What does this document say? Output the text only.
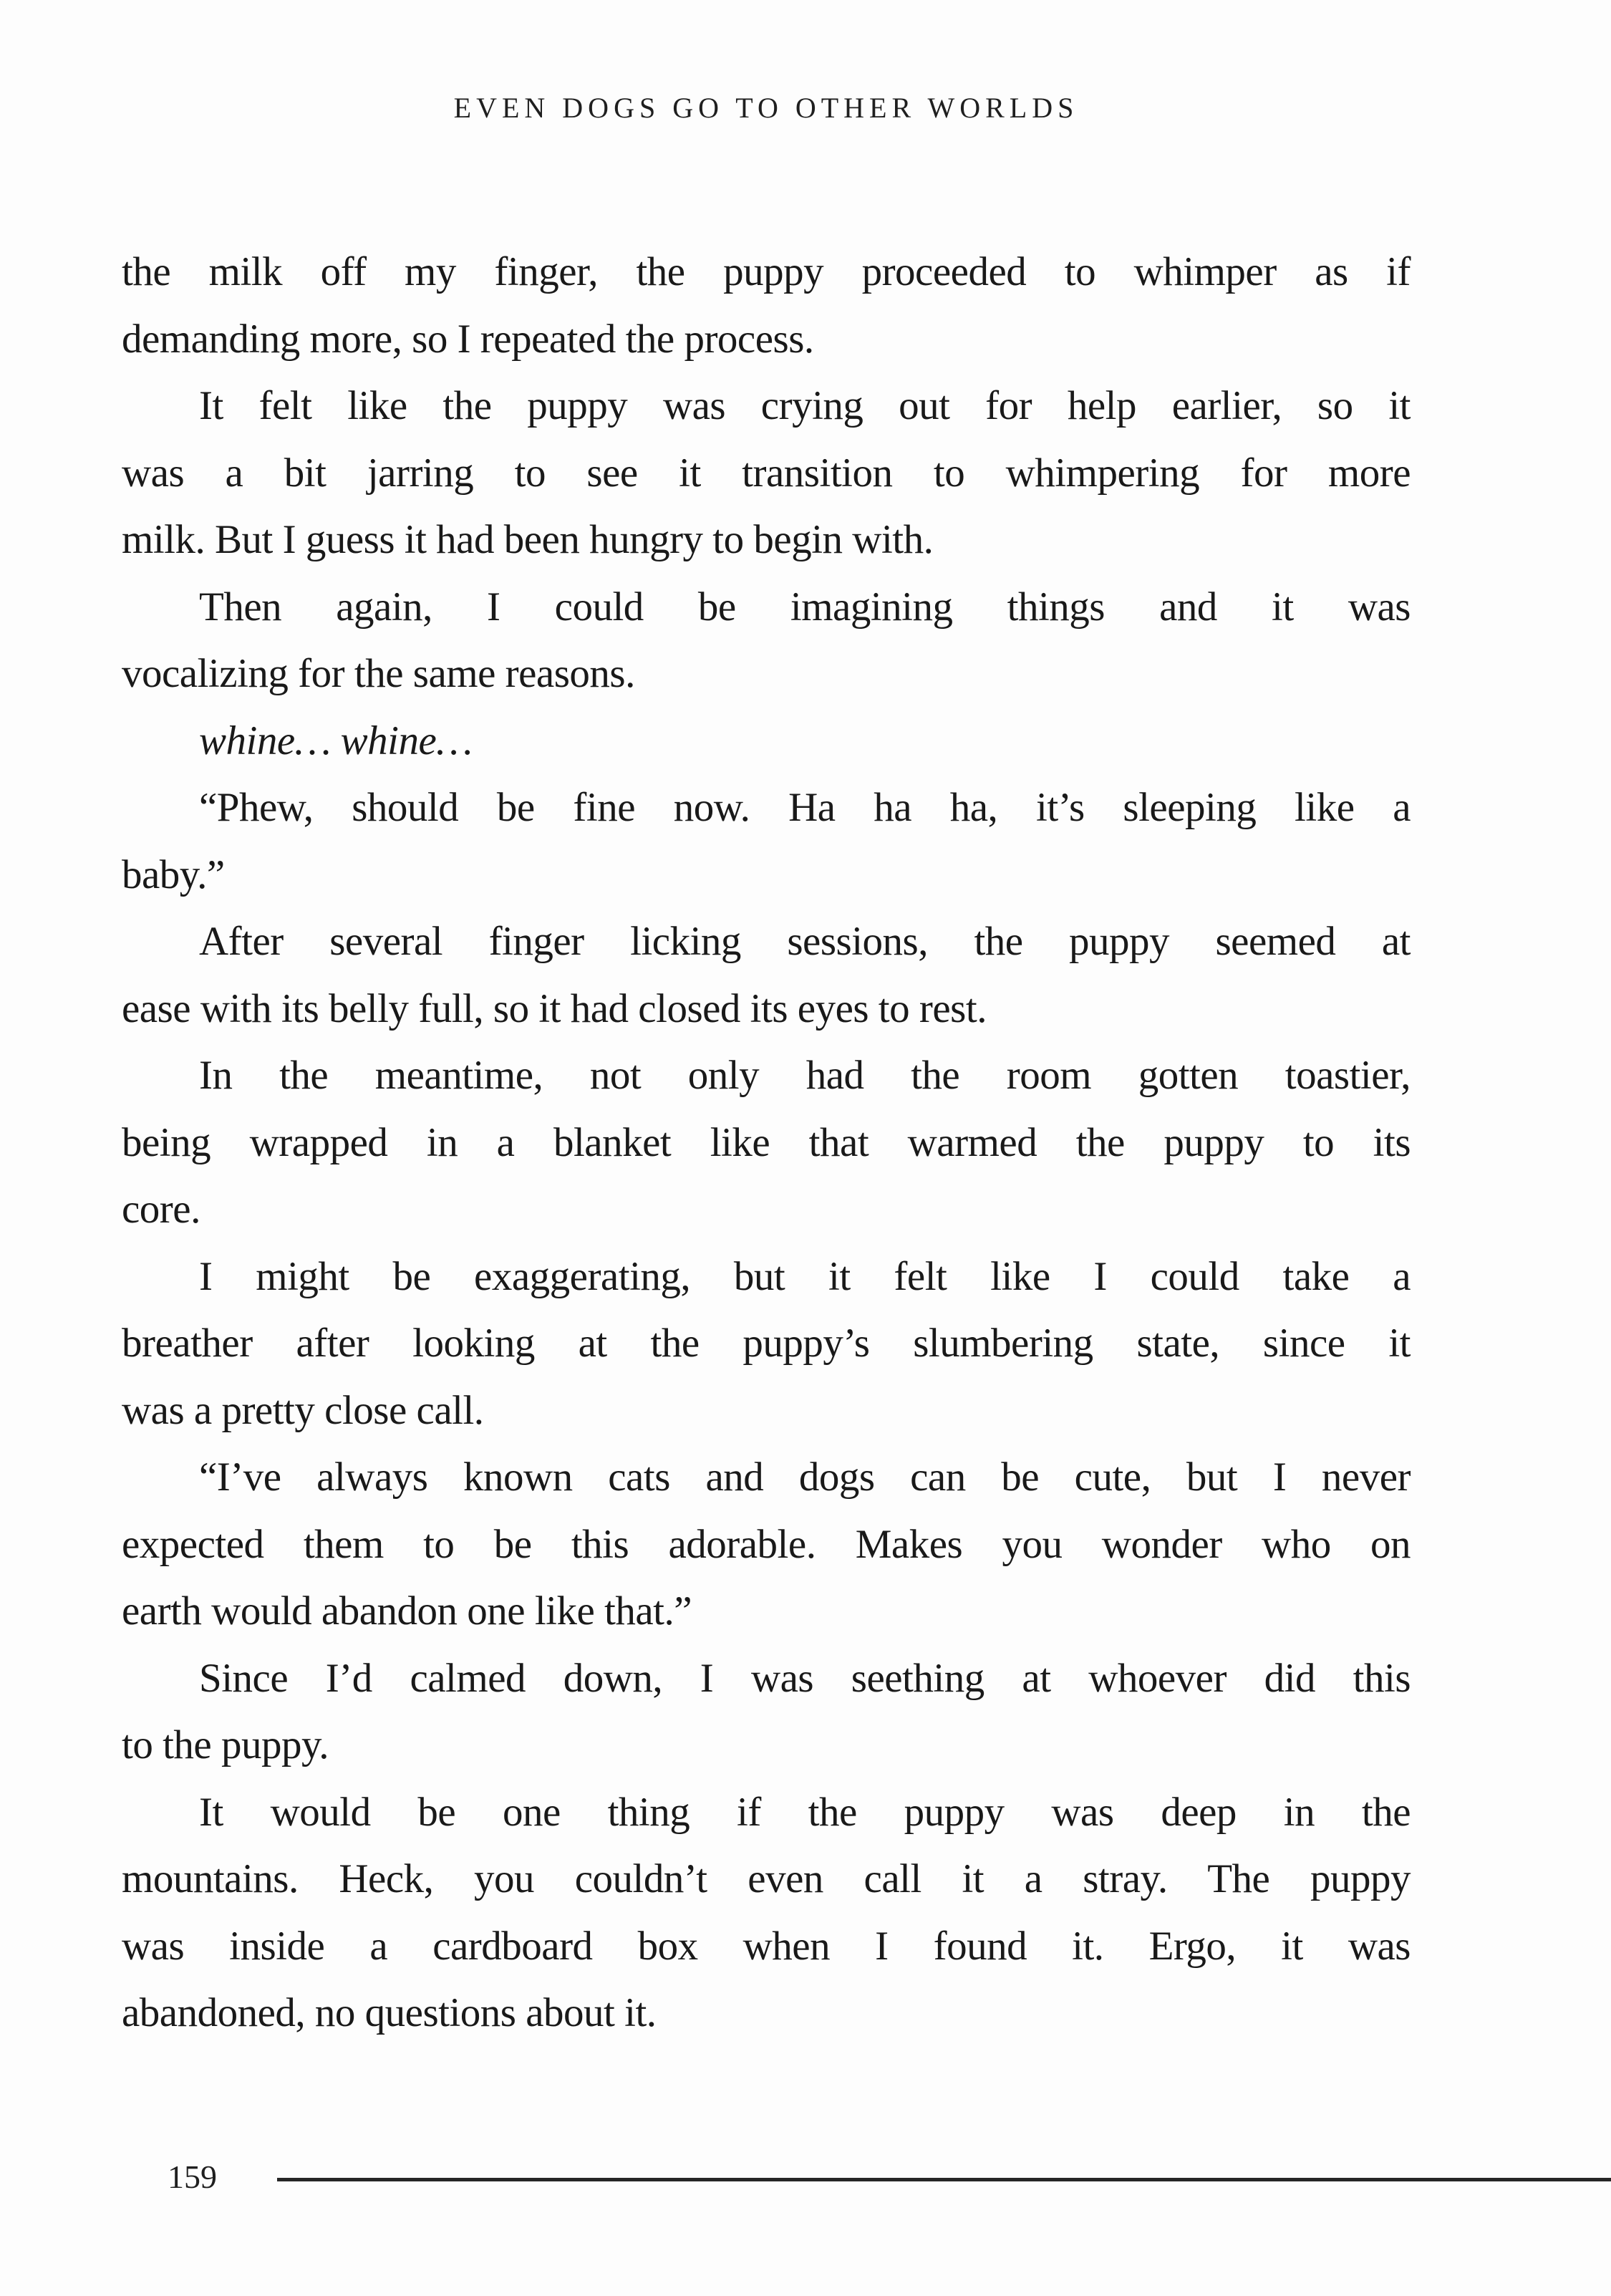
EVEN DOGS GO TO OTHER WORLDS
the milk off my finger, the puppy proceeded to whimper as if
demanding more, so I repeated the process.
It felt like the puppy was crying out for help earlier, so it
was a bit jarring to see it transition to whimpering for more
milk. But I guess it had been hungry to begin with.
Then again, I could be imagining things and it was
vocalizing for the same reasons.
whine… whine…
“Phew, should be fine now. Ha ha ha, it’s sleeping like a
baby.”
After several finger licking sessions, the puppy seemed at
ease with its belly full, so it had closed its eyes to rest.
In the meantime, not only had the room gotten toastier,
being wrapped in a blanket like that warmed the puppy to its
core.
I might be exaggerating, but it felt like I could take a
breather after looking at the puppy’s slumbering state, since it
was a pretty close call.
“I’ve always known cats and dogs can be cute, but I never
expected them to be this adorable. Makes you wonder who on
earth would abandon one like that.”
Since I’d calmed down, I was seething at whoever did this
to the puppy.
It would be one thing if the puppy was deep in the
mountains. Heck, you couldn’t even call it a stray. The puppy
was inside a cardboard box when I found it. Ergo, it was
abandoned, no questions about it.
159
